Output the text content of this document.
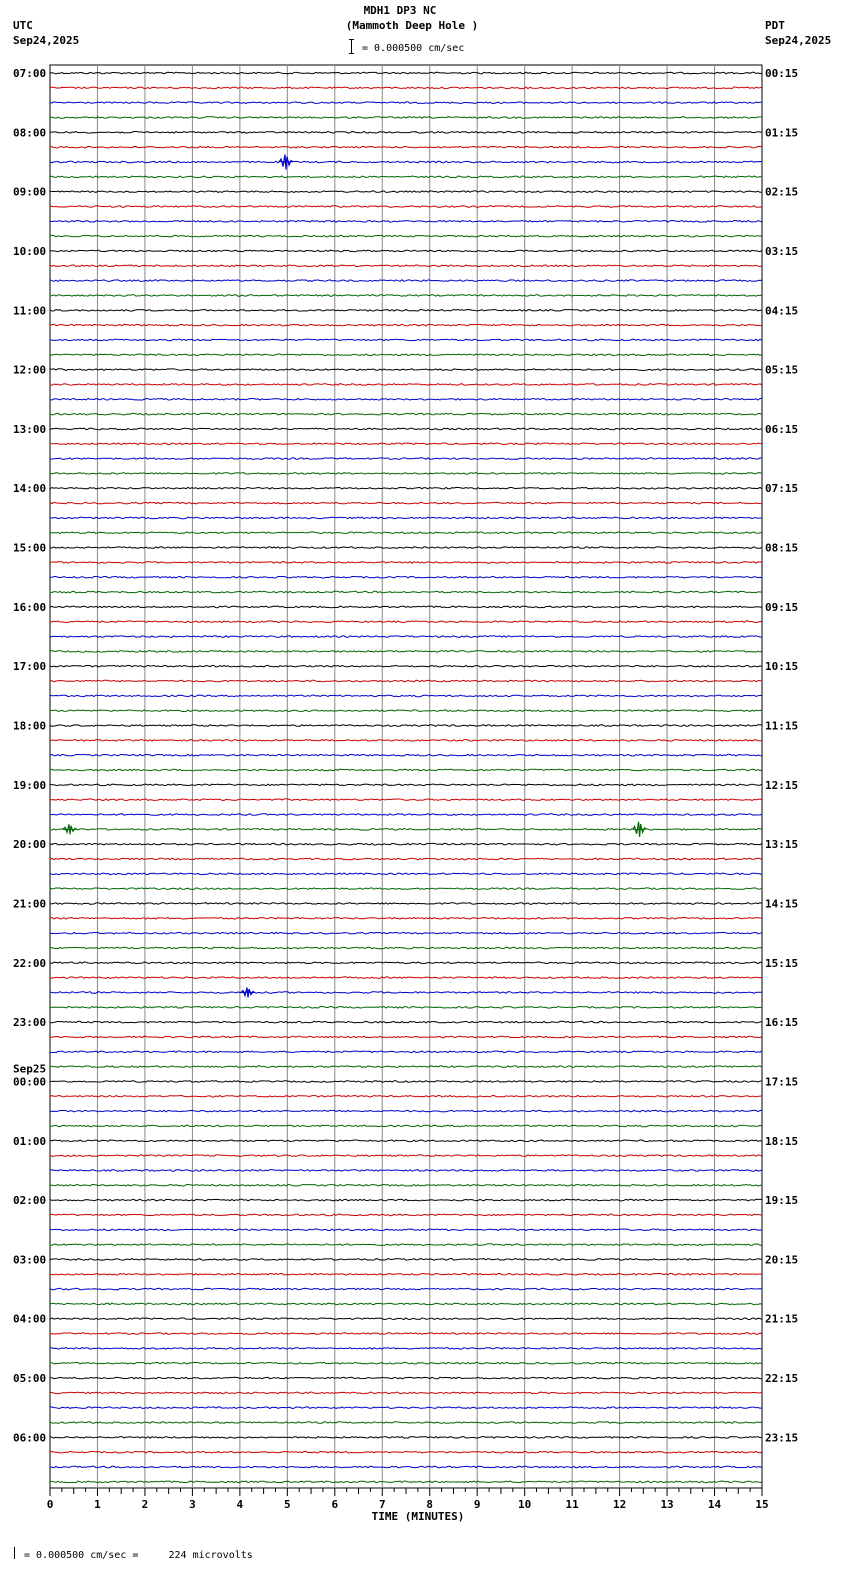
MDH1 DP3 NC
(Mammoth Deep Hole )
= 0.000500 cm/sec
UTC
Sep24,2025
PDT
Sep24,2025
07:00
08:00
09:00
10:00
11:00
12:00
13:00
14:00
15:00
16:00
17:00
18:00
19:00
20:00
21:00
22:00
23:00
Sep25
00:00
01:00
02:00
03:00
04:00
05:00
06:00
00:15
01:15
02:15
03:15
04:15
05:15
06:15
07:15
08:15
09:15
10:15
11:15
12:15
13:15
14:15
15:15
16:15
17:15
18:15
19:15
20:15
21:15
22:15
23:15
0	1	2	3	4	5	6	7	8	9	10	11	12	13	14	15
TIME (MINUTES)
= 0.000500 cm/sec =     224 microvolts
